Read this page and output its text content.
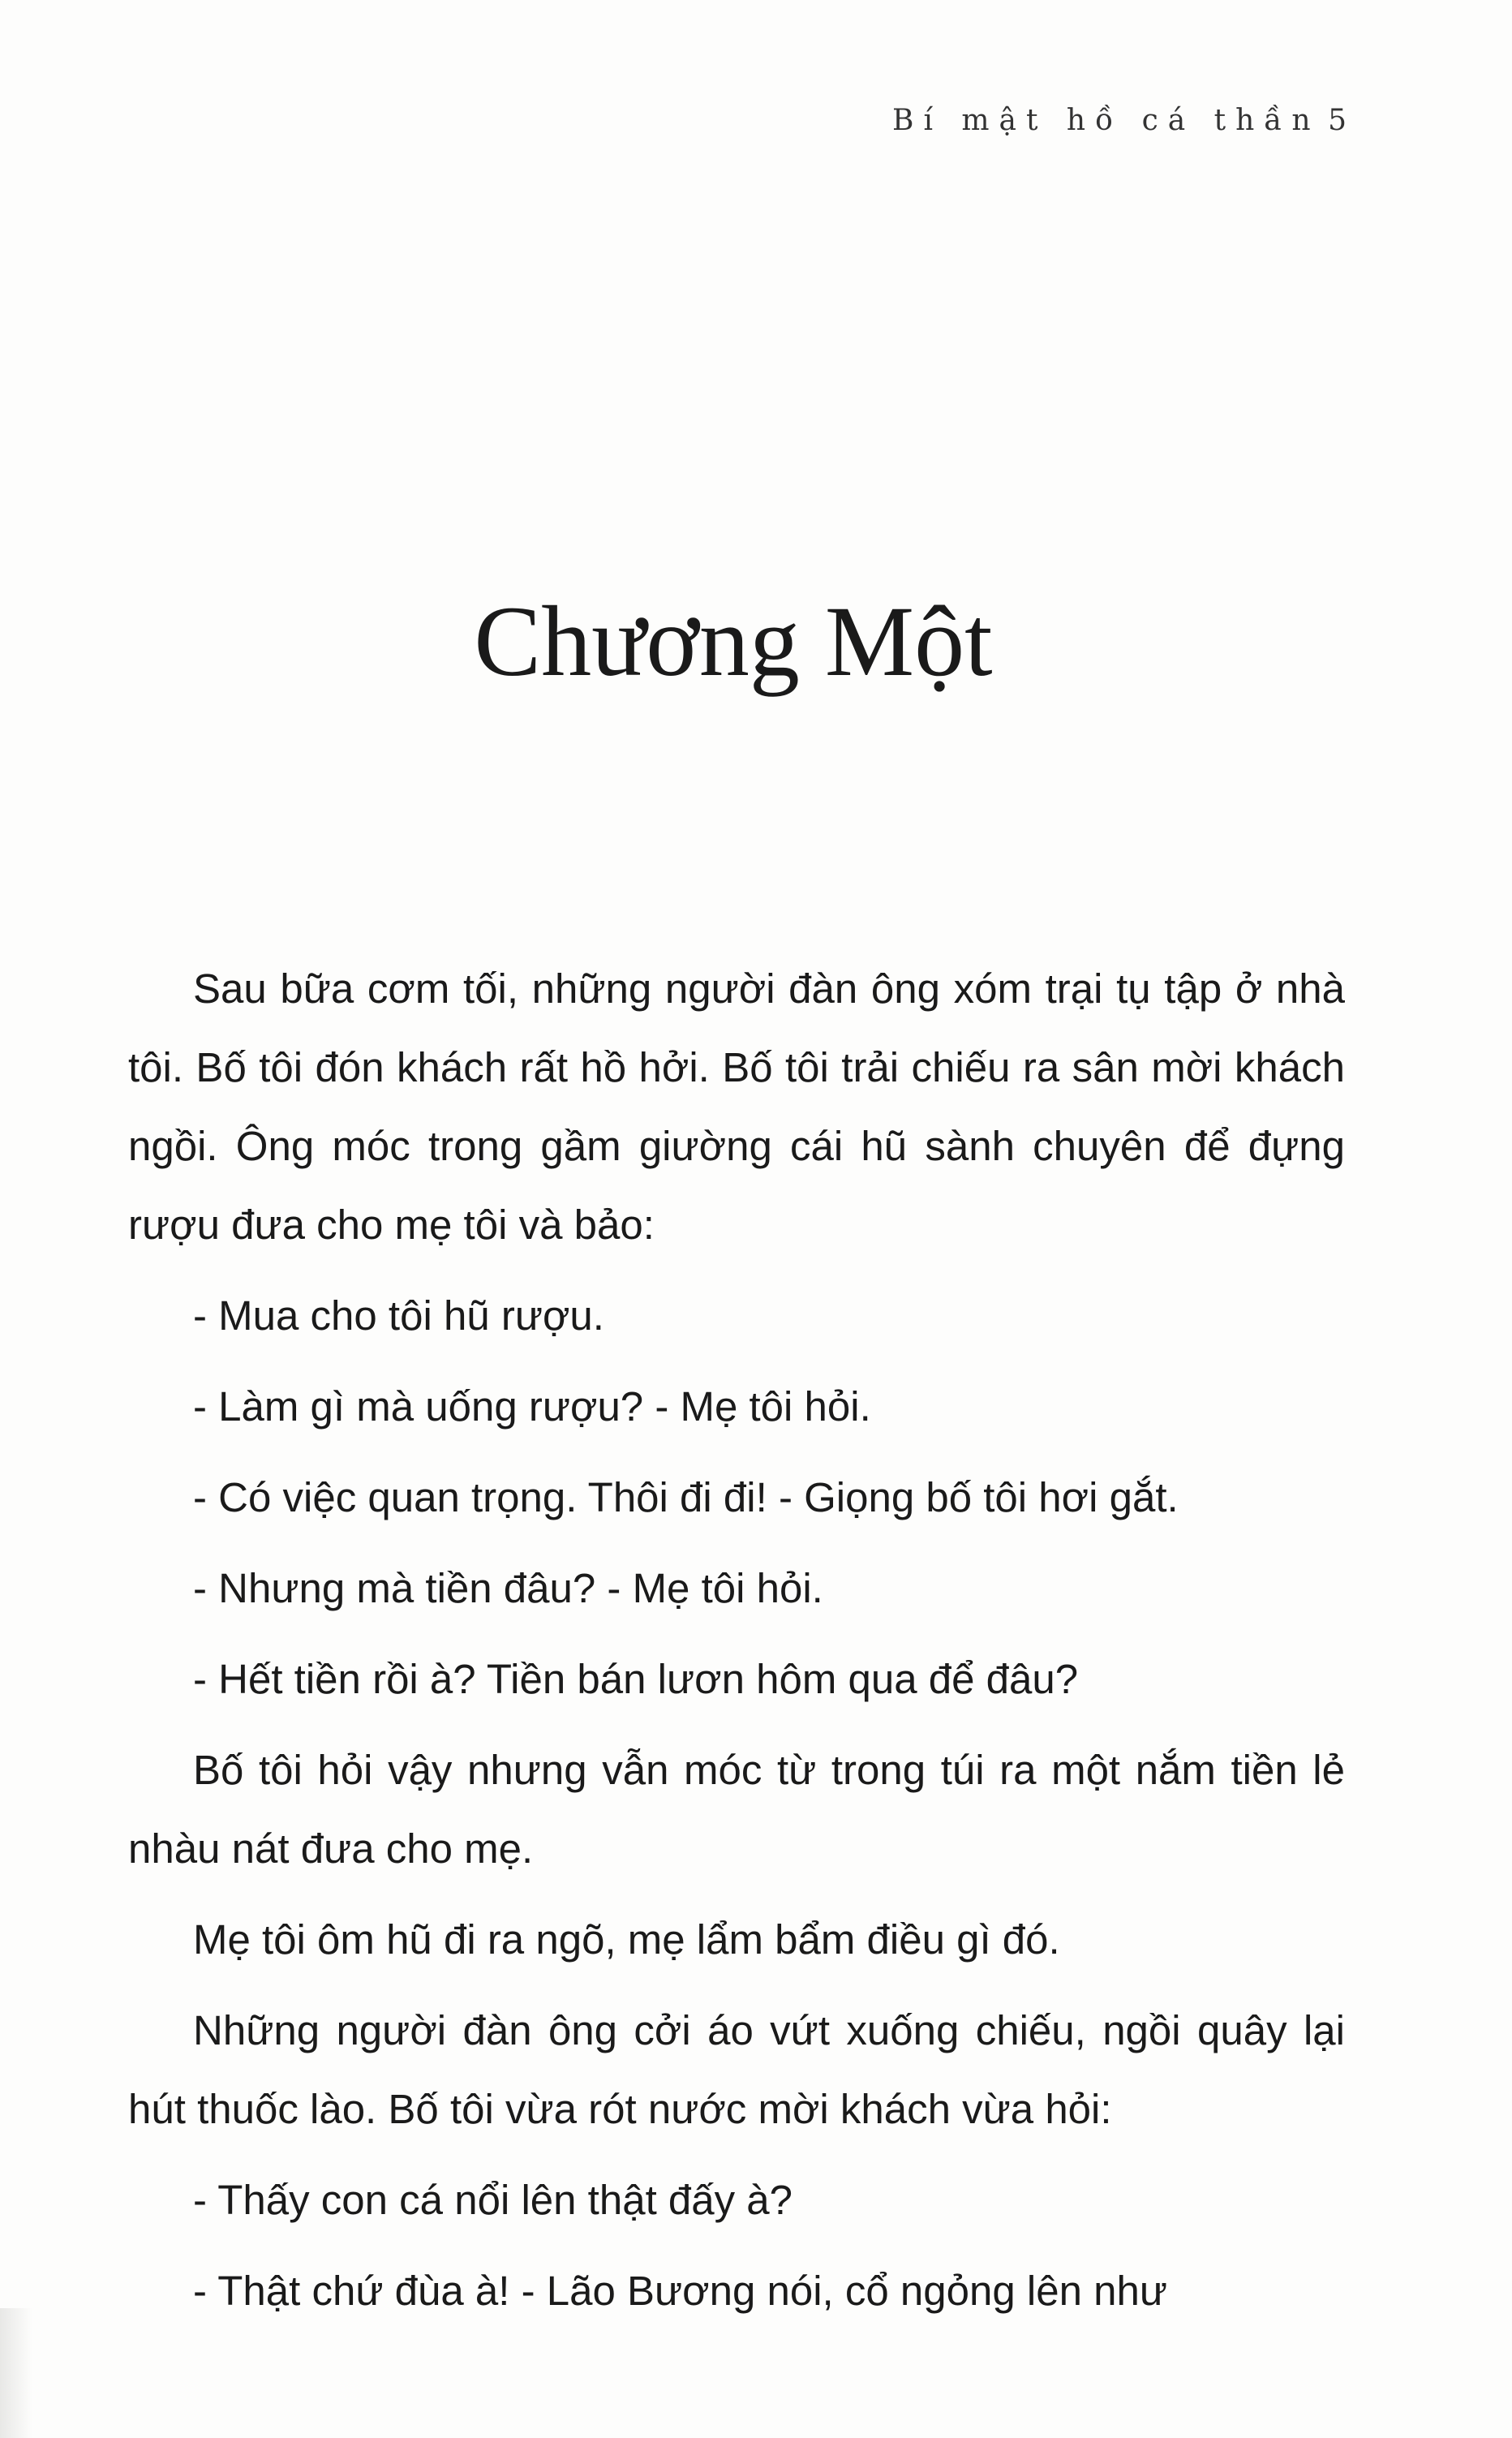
Bí mật hồ cá thần 5
Chương Một

Sau bữa cơm tối, những người đàn ông xóm trại tụ tập ở nhà tôi. Bố tôi đón khách rất hồ hởi. Bố tôi trải chiếu ra sân mời khách ngồi. Ông móc trong gầm giường cái hũ sành chuyên để đựng rượu đưa cho mẹ tôi và bảo:

- Mua cho tôi hũ rượu.

- Làm gì mà uống rượu? - Mẹ tôi hỏi.

- Có việc quan trọng. Thôi đi đi! - Giọng bố tôi hơi gắt.

- Nhưng mà tiền đâu? - Mẹ tôi hỏi.

- Hết tiền rồi à? Tiền bán lươn hôm qua để đâu?

Bố tôi hỏi vậy nhưng vẫn móc từ trong túi ra một nắm tiền lẻ nhàu nát đưa cho mẹ.

Mẹ tôi ôm hũ đi ra ngõ, mẹ lẩm bẩm điều gì đó.

Những người đàn ông cởi áo vứt xuống chiếu, ngồi quây lại hút thuốc lào. Bố tôi vừa rót nước mời khách vừa hỏi:

- Thấy con cá nổi lên thật đấy à?

- Thật chứ đùa à! - Lão Bương nói, cổ ngỏng lên như
